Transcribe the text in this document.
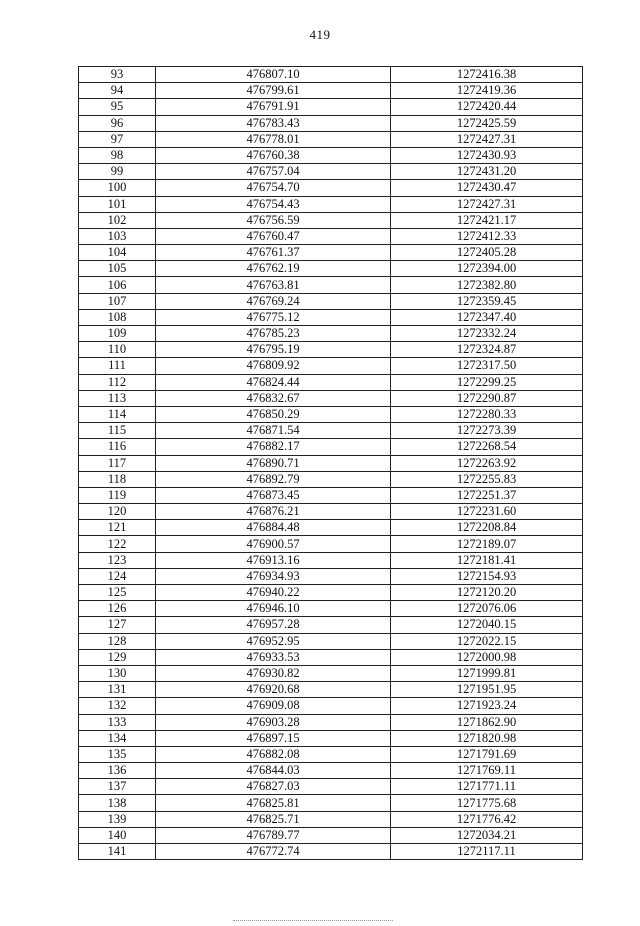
419
93	476807.10	1272416.38
94	476799.61	1272419.36
95	476791.91	1272420.44
96	476783.43	1272425.59
97	476778.01	1272427.31
98	476760.38	1272430.93
99	476757.04	1272431.20
100	476754.70	1272430.47
101	476754.43	1272427.31
102	476756.59	1272421.17
103	476760.47	1272412.33
104	476761.37	1272405.28
105	476762.19	1272394.00
106	476763.81	1272382.80
107	476769.24	1272359.45
108	476775.12	1272347.40
109	476785.23	1272332.24
110	476795.19	1272324.87
111	476809.92	1272317.50
112	476824.44	1272299.25
113	476832.67	1272290.87
114	476850.29	1272280.33
115	476871.54	1272273.39
116	476882.17	1272268.54
117	476890.71	1272263.92
118	476892.79	1272255.83
119	476873.45	1272251.37
120	476876.21	1272231.60
121	476884.48	1272208.84
122	476900.57	1272189.07
123	476913.16	1272181.41
124	476934.93	1272154.93
125	476940.22	1272120.20
126	476946.10	1272076.06
127	476957.28	1272040.15
128	476952.95	1272022.15
129	476933.53	1272000.98
130	476930.82	1271999.81
131	476920.68	1271951.95
132	476909.08	1271923.24
133	476903.28	1271862.90
134	476897.15	1271820.98
135	476882.08	1271791.69
136	476844.03	1271769.11
137	476827.03	1271771.11
138	476825.81	1271775.68
139	476825.71	1271776.42
140	476789.77	1272034.21
141	476772.74	1272117.11
